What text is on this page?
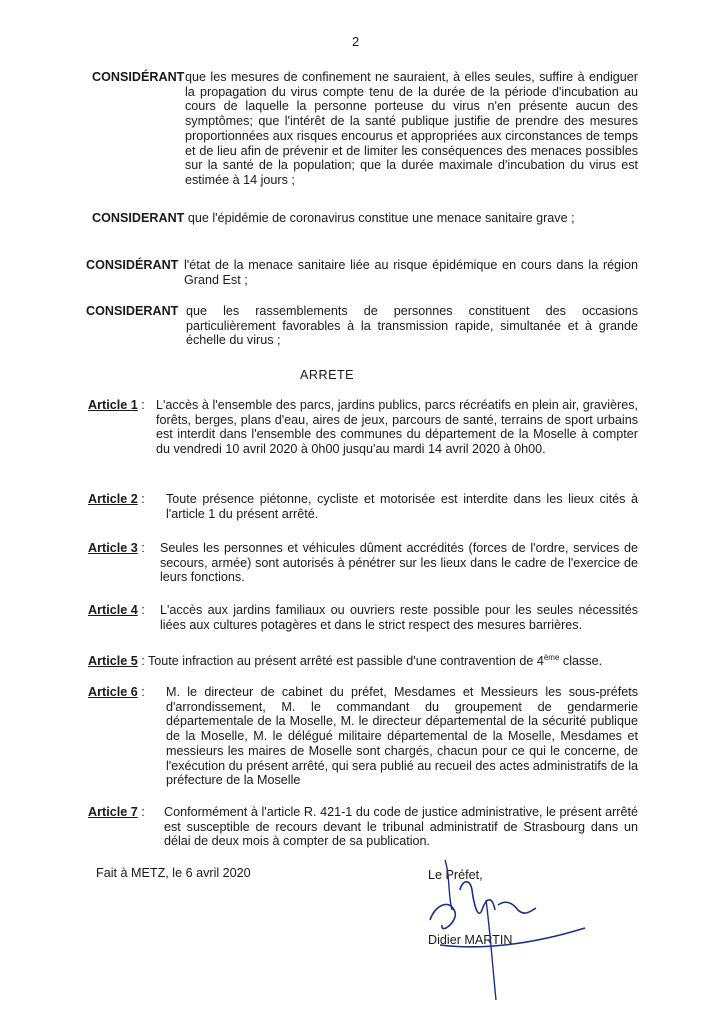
2
CONSIDÉRANT que les mesures de confinement ne sauraient, à elles seules, suffire à endiguer la propagation du virus compte tenu de la durée de la période d'incubation au cours de laquelle la personne porteuse du virus n'en présente aucun des symptômes; que l'intérêt de la santé publique justifie de prendre des mesures proportionnées aux risques encourus et appropriées aux circonstances de temps et de lieu afin de prévenir et de limiter les conséquences des menaces possibles sur la santé de la population; que la durée maximale d'incubation du virus est estimée à 14 jours ;
CONSIDERANT que l'épidémie de coronavirus constitue une menace sanitaire grave ;
CONSIDÉRANT l'état de la menace sanitaire liée au risque épidémique en cours dans la région Grand Est ;
CONSIDERANT que les rassemblements de personnes constituent des occasions particulièrement favorables à la transmission rapide, simultanée et à grande échelle du virus ;
ARRETE
Article 1 : L'accès à l'ensemble des parcs, jardins publics, parcs récréatifs en plein air, gravières, forêts, berges, plans d'eau, aires de jeux, parcours de santé, terrains de sport urbains est interdit dans l'ensemble des communes du département de la Moselle à compter du vendredi 10 avril 2020 à 0h00 jusqu'au mardi 14 avril 2020 à 0h00.
Article 2 :	Toute présence piétonne, cycliste et motorisée est interdite dans les lieux cités à l'article 1 du présent arrêté.
Article 3 :	Seules les personnes et véhicules dûment accrédités (forces de l'ordre, services de secours, armée) sont autorisés à pénétrer sur les lieux dans le cadre de l'exercice de leurs fonctions.
Article 4 :	L'accès aux jardins familiaux ou ouvriers reste possible pour les seules nécessités liées aux cultures potagères et dans le strict respect des mesures barrières.
Article 5 : Toute infraction au présent arrêté est passible d'une contravention de 4ème classe.
Article 6 :	M. le directeur de cabinet du préfet, Mesdames et Messieurs les sous-préfets d'arrondissement, M. le commandant du groupement de gendarmerie départementale de la Moselle, M. le directeur départemental de la sécurité publique de la Moselle, M. le délégué militaire départemental de la Moselle, Mesdames et messieurs les maires de Moselle sont chargés, chacun pour ce qui le concerne, de l'exécution du présent arrêté, qui sera publié au recueil des actes administratifs de la préfecture de la Moselle
Article 7 :	Conformément à l'article R. 421-1 du code de justice administrative, le présent arrêté est susceptible de recours devant le tribunal administratif de Strasbourg dans un délai de deux mois à compter de sa publication.
Fait à METZ, le 6 avril 2020	Le Préfet,
Didier MARTIN
